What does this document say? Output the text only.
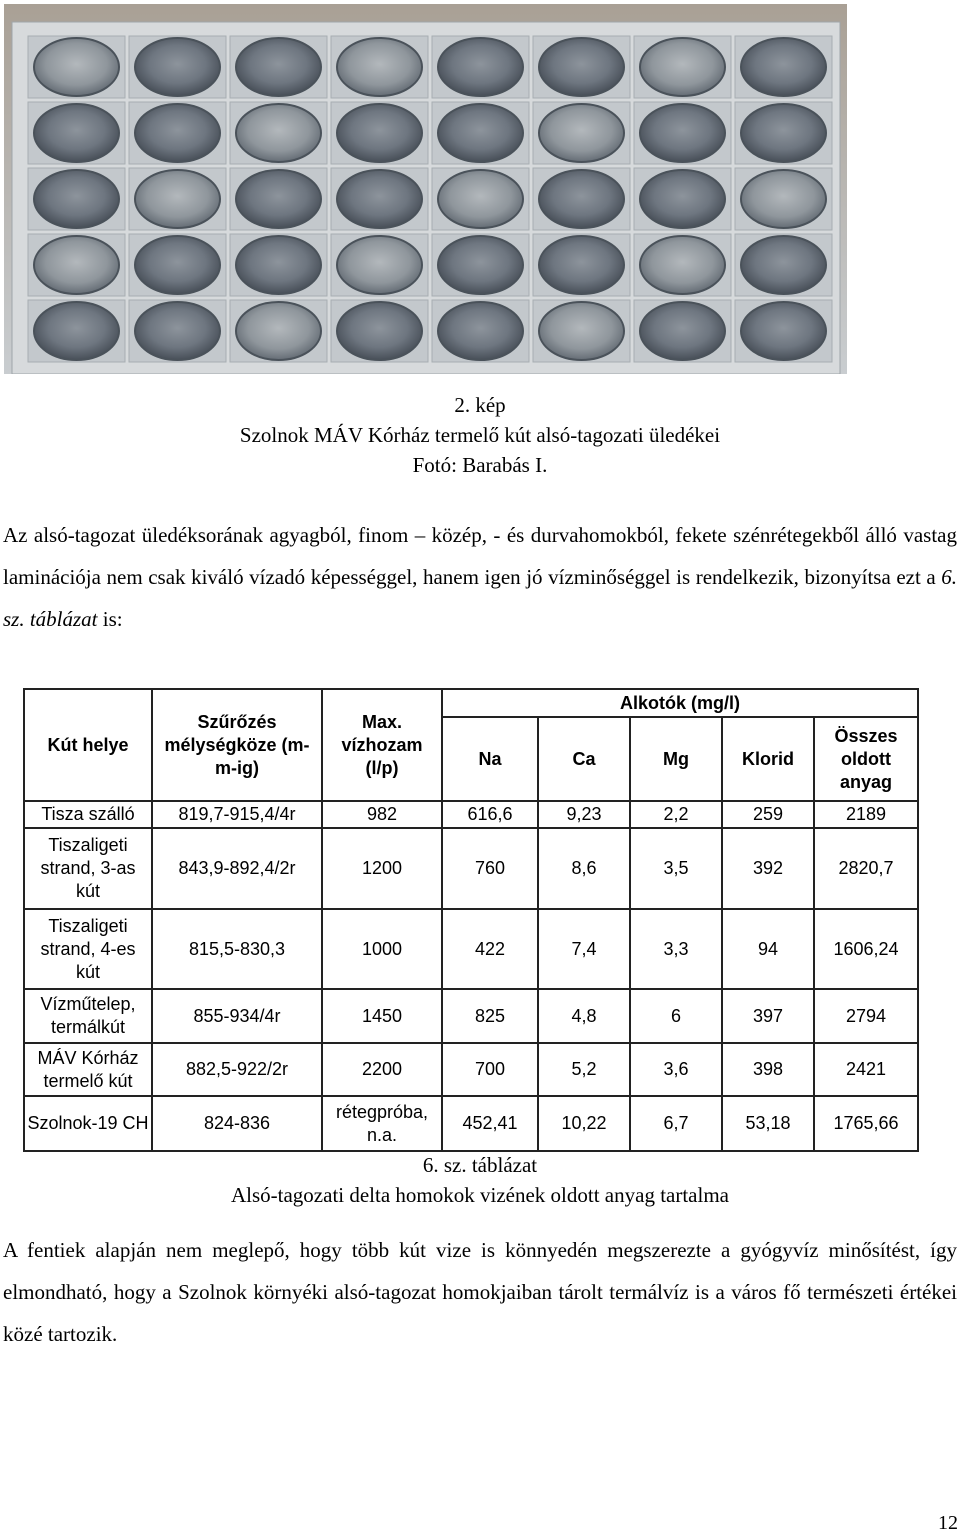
2. kép
Szolnok MÁV Kórház termelő kút alsó-tagozati üledékei
Fotó: Barabás I.
Az alsó-tagozat üledéksorának agyagból, finom – közép, - és durvahomokból, fekete szénrétegekből álló vastag laminációja nem csak kiváló vízadó képességgel, hanem igen jó vízminőséggel is rendelkezik, bizonyítsa ezt a 6. sz. táblázat is:
Kút helye	Szűrőzés mélységköze (m-m-ig)	Max. vízhozam (l/p)	Alkotók (mg/l)				
			Na	Ca	Mg	Klorid	Összes oldott anyag
Tisza szálló	819,7-915,4/4r	982	616,6	9,23	2,2	259	2189
Tiszaligeti strand, 3-as kút	843,9-892,4/2r	1200	760	8,6	3,5	392	2820,7
Tiszaligeti strand, 4-es kút	815,5-830,3	1000	422	7,4	3,3	94	1606,24
Vízműtelep, termálkút	855-934/4r	1450	825	4,8	6	397	2794
MÁV Kórház termelő kút	882,5-922/2r	2200	700	5,2	3,6	398	2421
Szolnok-19 CH	824-836	rétegpróba, n.a.	452,41	10,22	6,7	53,18	1765,66
6. sz. táblázat
Alsó-tagozati delta homokok vizének oldott anyag tartalma
A fentiek alapján nem meglepő, hogy több kút vize is könnyedén megszerezte a gyógyvíz minősítést, így elmondható, hogy a Szolnok környéki alsó-tagozat homokjaiban tárolt termálvíz is a város fő természeti értékei közé tartozik.
12
